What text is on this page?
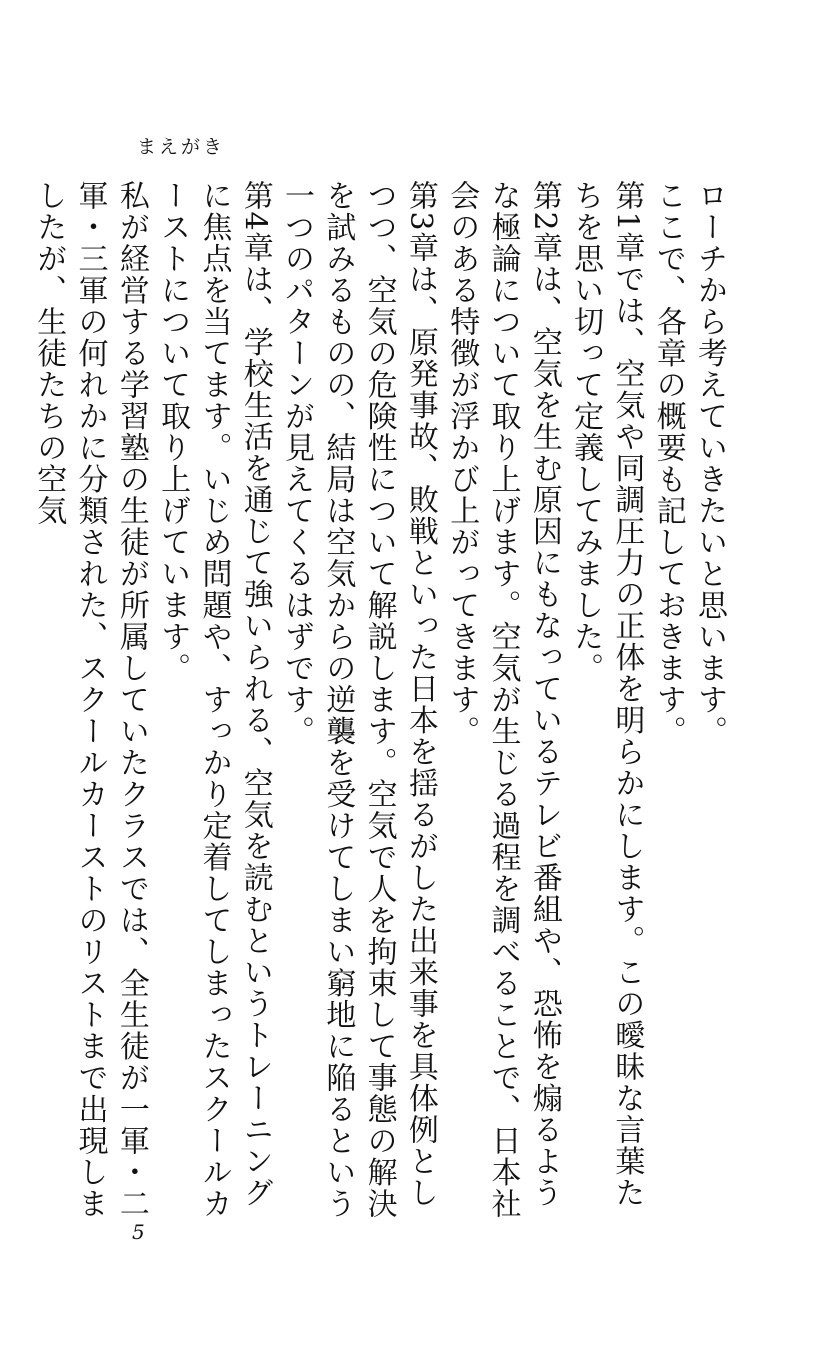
まえがき

ローチから考えていきたいと思います。

ここで、各章の概要も記しておきます。

第1章では、空気や同調圧力の正体を明らかにします。この曖昧な言葉たちを思い切って定義してみました。

第2章は、空気を生む原因にもなっているテレビ番組や、恐怖を煽るような極論について取り上げます。空気が生じる過程を調べることで、日本社会のある特徴が浮かび上がってきます。

第3章は、原発事故、敗戦といった日本を揺るがした出来事を具体例としつつ、空気の危険性について解説します。空気で人を拘束して事態の解決を試みるものの、結局は空気からの逆襲を受けてしまい窮地に陥るという一つのパターンが見えてくるはずです。

第4章は、学校生活を通じて強いられる、空気を読むというトレーニングに焦点を当てます。いじめ問題や、すっかり定着してしまったスクールカーストについて取り上げています。

私が経営する学習塾の生徒が所属していたクラスでは、全生徒が一軍・二軍・三軍の何れかに分類された、スクールカーストのリストまで出現しましたが、生徒たちの空気

5
